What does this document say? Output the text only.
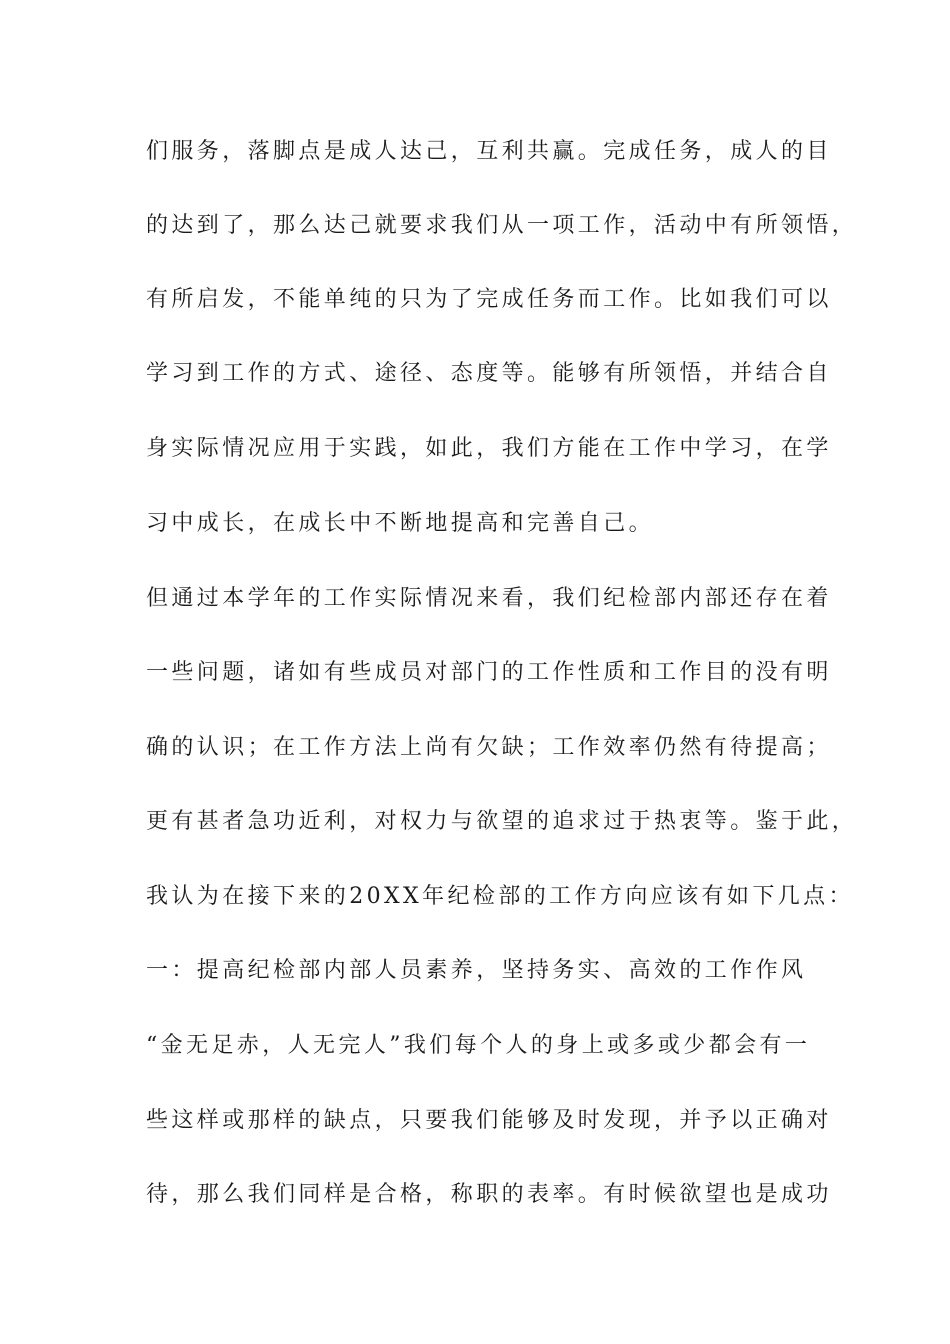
们服务，落脚点是成人达己，互利共赢。完成任务，成人的目
的达到了，那么达己就要求我们从一项工作，活动中有所领悟，
有所启发，不能单纯的只为了完成任务而工作。比如我们可以
学习到工作的方式、途径、态度等。能够有所领悟，并结合自
身实际情况应用于实践，如此，我们方能在工作中学习，在学
习中成长，在成长中不断地提高和完善自己。
但通过本学年的工作实际情况来看，我们纪检部内部还存在着
一些问题，诸如有些成员对部门的工作性质和工作目的没有明
确的认识；在工作方法上尚有欠缺；工作效率仍然有待提高；
更有甚者急功近利，对权力与欲望的追求过于热衷等。鉴于此，
我认为在接下来的20XX年纪检部的工作方向应该有如下几点：
一：提高纪检部内部人员素养，坚持务实、高效的工作作风
“金无足赤，人无完人”我们每个人的身上或多或少都会有一
些这样或那样的缺点，只要我们能够及时发现，并予以正确对
待，那么我们同样是合格，称职的表率。有时候欲望也是成功
